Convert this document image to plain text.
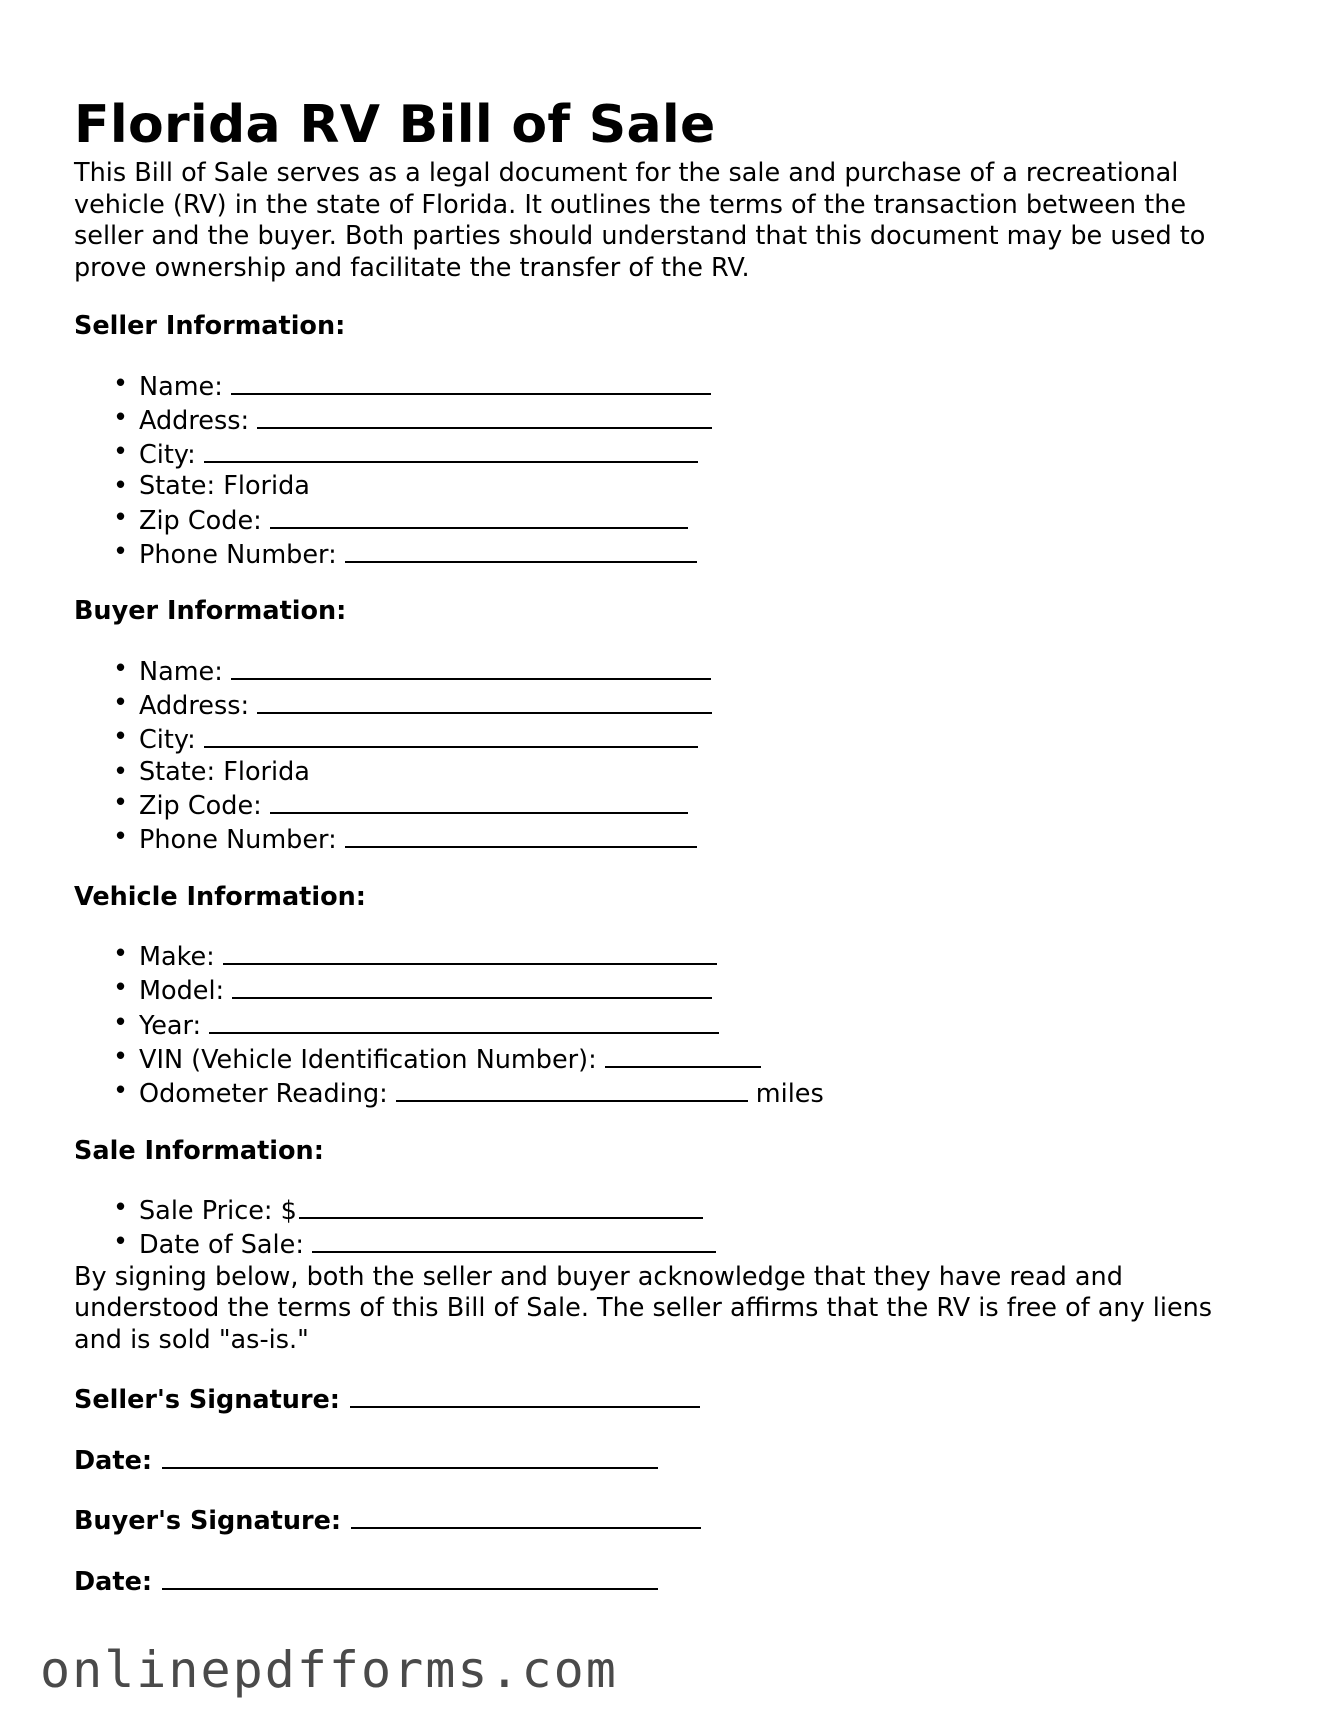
Florida RV Bill of Sale

This Bill of Sale serves as a legal document for the sale and purchase of a recreational vehicle (RV) in the state of Florida. It outlines the terms of the transaction between the seller and the buyer. Both parties should understand that this document may be used to prove ownership and facilitate the transfer of the RV.

Seller Information:
• Name:
• Address:
• City:
• State: Florida
• Zip Code:
• Phone Number:
Buyer Information:
• Name:
• Address:
• City:
• State: Florida
• Zip Code:
• Phone Number:
Vehicle Information:
• Make:
• Model:
• Year:
• VIN (Vehicle Identification Number):
• Odometer Reading:	miles
Sale Information:
• Sale Price: $
• Date of Sale:

By signing below, both the seller and buyer acknowledge that they have read and understood the terms of this Bill of Sale. The seller affirms that the RV is free of any liens and is sold "as-is."

Seller's Signature:
Date:
Buyer's Signature:
Date:
onlinepdfforms.com
